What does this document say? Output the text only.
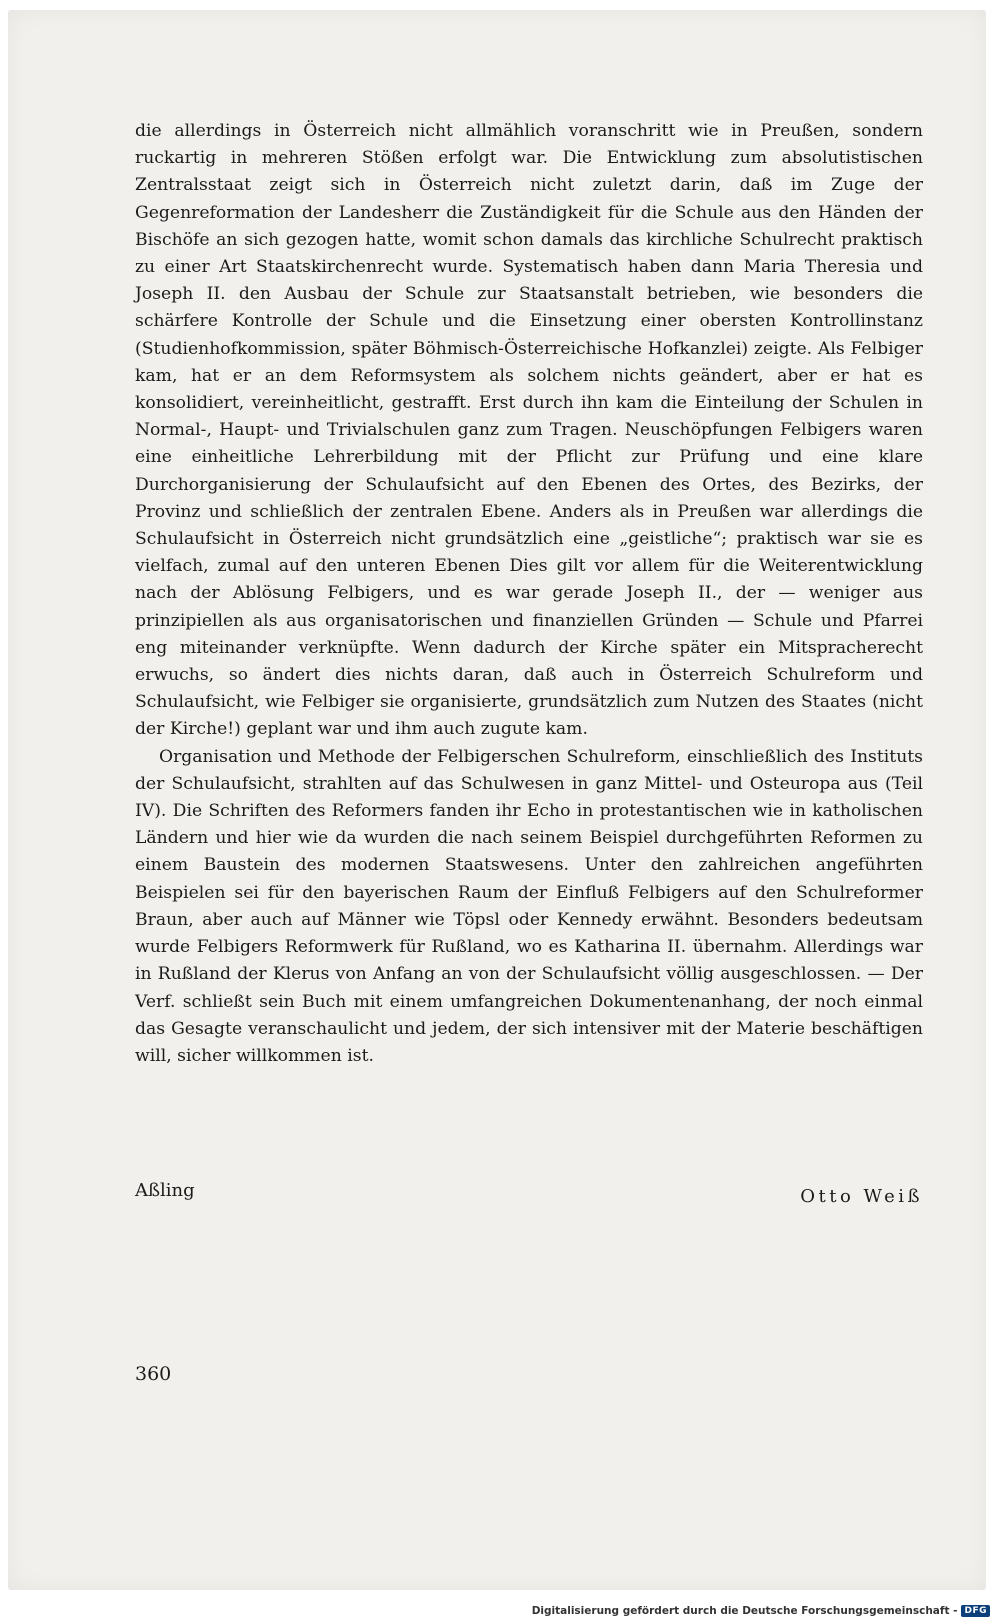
die allerdings in Österreich nicht allmählich voranschritt wie in Preußen, sondern ruckartig in mehreren Stößen erfolgt war. Die Entwicklung zum absolutistischen Zentralsstaat zeigt sich in Österreich nicht zuletzt darin, daß im Zuge der Gegenreformation der Landesherr die Zuständigkeit für die Schule aus den Händen der Bischöfe an sich gezogen hatte, womit schon damals das kirchliche Schulrecht praktisch zu einer Art Staatskirchenrecht wurde. Systematisch haben dann Maria Theresia und Joseph II. den Ausbau der Schule zur Staatsanstalt betrieben, wie besonders die schärfere Kontrolle der Schule und die Einsetzung einer obersten Kontrollinstanz (Studienhofkommission, später Böhmisch-Österreichische Hofkanzlei) zeigte. Als Felbiger kam, hat er an dem Reformsystem als solchem nichts geändert, aber er hat es konsolidiert, vereinheitlicht, gestrafft. Erst durch ihn kam die Einteilung der Schulen in Normal-, Haupt- und Trivialschulen ganz zum Tragen. Neuschöpfungen Felbigers waren eine einheitliche Lehrerbildung mit der Pflicht zur Prüfung und eine klare Durchorganisierung der Schulaufsicht auf den Ebenen des Ortes, des Bezirks, der Provinz und schließlich der zentralen Ebene. Anders als in Preußen war allerdings die Schulaufsicht in Österreich nicht grundsätzlich eine „geistliche“; praktisch war sie es vielfach, zumal auf den unteren Ebenen Dies gilt vor allem für die Weiterentwicklung nach der Ablösung Felbigers, und es war gerade Joseph II., der — weniger aus prinzipiellen als aus organisatorischen und finanziellen Gründen — Schule und Pfarrei eng miteinander verknüpfte. Wenn dadurch der Kirche später ein Mitspracherecht erwuchs, so ändert dies nichts daran, daß auch in Österreich Schulreform und Schulaufsicht, wie Felbiger sie organisierte, grundsätzlich zum Nutzen des Staates (nicht der Kirche!) geplant war und ihm auch zugute kam.

Organisation und Methode der Felbigerschen Schulreform, einschließlich des Instituts der Schulaufsicht, strahlten auf das Schulwesen in ganz Mittel- und Osteuropa aus (Teil IV). Die Schriften des Reformers fanden ihr Echo in protestantischen wie in katholischen Ländern und hier wie da wurden die nach seinem Beispiel durchgeführten Reformen zu einem Baustein des modernen Staatswesens. Unter den zahlreichen angeführten Beispielen sei für den bayerischen Raum der Einfluß Felbigers auf den Schulreformer Braun, aber auch auf Männer wie Töpsl oder Kennedy erwähnt. Besonders bedeutsam wurde Felbigers Reformwerk für Rußland, wo es Katharina II. übernahm. Allerdings war in Rußland der Klerus von Anfang an von der Schulaufsicht völlig ausgeschlossen. — Der Verf. schließt sein Buch mit einem umfangreichen Dokumentenanhang, der noch einmal das Gesagte veranschaulicht und jedem, der sich intensiver mit der Materie beschäftigen will, sicher willkommen ist.

Aßling	Otto Weiß
360
Digitalisierung gefördert durch die Deutsche Forschungsgemeinschaft - DFG
